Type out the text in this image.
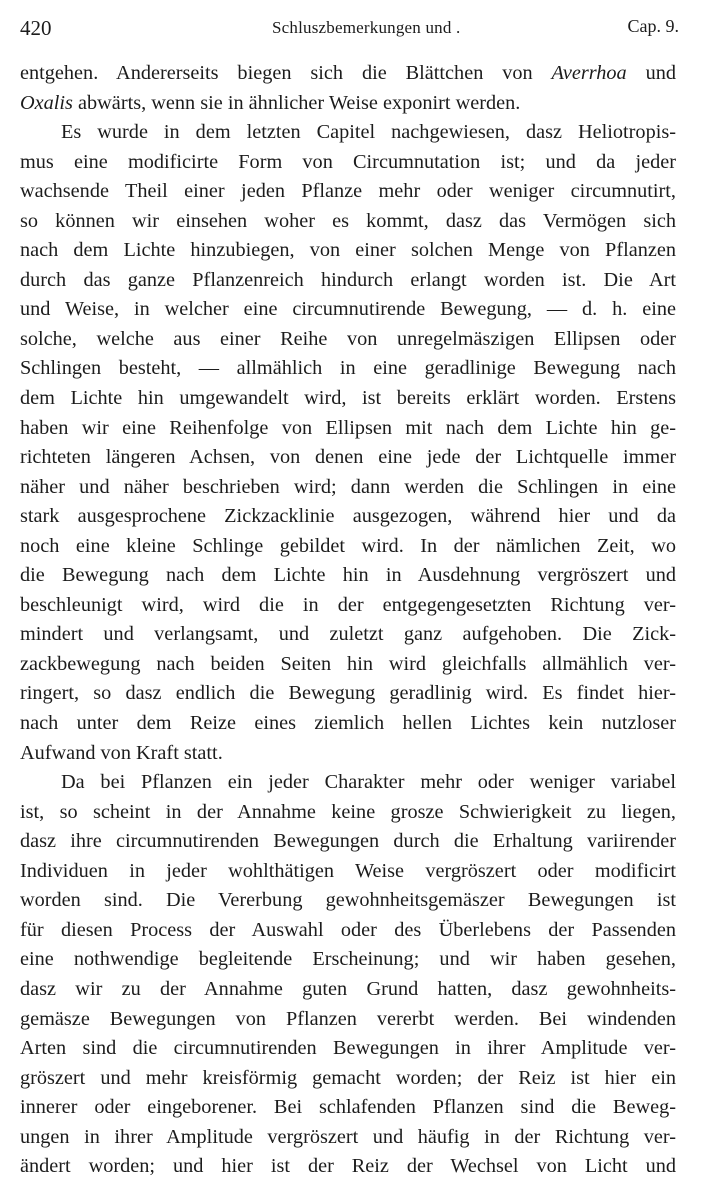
420	Schluszbemerkungen und .	Cap. 9.
entgehen. Andererseits biegen sich die Blättchen von Averrhoa und
Oxalis abwärts, wenn sie in ähnlicher Weise exponirt werden.
Es wurde in dem letzten Capitel nachgewiesen, dasz Heliotropis-
mus eine modificirte Form von Circumnutation ist; und da jeder
wachsende Theil einer jeden Pflanze mehr oder weniger circumnutirt,
so können wir einsehen woher es kommt, dasz das Vermögen sich
nach dem Lichte hinzubiegen, von einer solchen Menge von Pflanzen
durch das ganze Pflanzenreich hindurch erlangt worden ist. Die Art
und Weise, in welcher eine circumnutirende Bewegung, — d. h. eine
solche, welche aus einer Reihe von unregelmäszigen Ellipsen oder
Schlingen besteht, — allmählich in eine geradlinige Bewegung nach
dem Lichte hin umgewandelt wird, ist bereits erklärt worden. Erstens
haben wir eine Reihenfolge von Ellipsen mit nach dem Lichte hin ge-
richteten längeren Achsen, von denen eine jede der Lichtquelle immer
näher und näher beschrieben wird; dann werden die Schlingen in eine
stark ausgesprochene Zickzacklinie ausgezogen, während hier und da
noch eine kleine Schlinge gebildet wird. In der nämlichen Zeit, wo
die Bewegung nach dem Lichte hin in Ausdehnung vergröszert und
beschleunigt wird, wird die in der entgegengesetzten Richtung ver-
mindert und verlangsamt, und zuletzt ganz aufgehoben. Die Zick-
zackbewegung nach beiden Seiten hin wird gleichfalls allmählich ver-
ringert, so dasz endlich die Bewegung geradlinig wird. Es findet hier-
nach unter dem Reize eines ziemlich hellen Lichtes kein nutzloser
Aufwand von Kraft statt.
Da bei Pflanzen ein jeder Charakter mehr oder weniger variabel
ist, so scheint in der Annahme keine grosze Schwierigkeit zu liegen,
dasz ihre circumnutirenden Bewegungen durch die Erhaltung variirender
Individuen in jeder wohlthätigen Weise vergröszert oder modificirt
worden sind. Die Vererbung gewohnheitsgemäszer Bewegungen ist
für diesen Process der Auswahl oder des Überlebens der Passenden
eine nothwendige begleitende Erscheinung; und wir haben gesehen,
dasz wir zu der Annahme guten Grund hatten, dasz gewohnheits-
gemäsze Bewegungen von Pflanzen vererbt werden. Bei windenden
Arten sind die circumnutirenden Bewegungen in ihrer Amplitude ver-
gröszert und mehr kreisförmig gemacht worden; der Reiz ist hier ein
innerer oder eingeborener. Bei schlafenden Pflanzen sind die Beweg-
ungen in ihrer Amplitude vergröszert und häufig in der Richtung ver-
ändert worden; und hier ist der Reiz der Wechsel von Licht und
